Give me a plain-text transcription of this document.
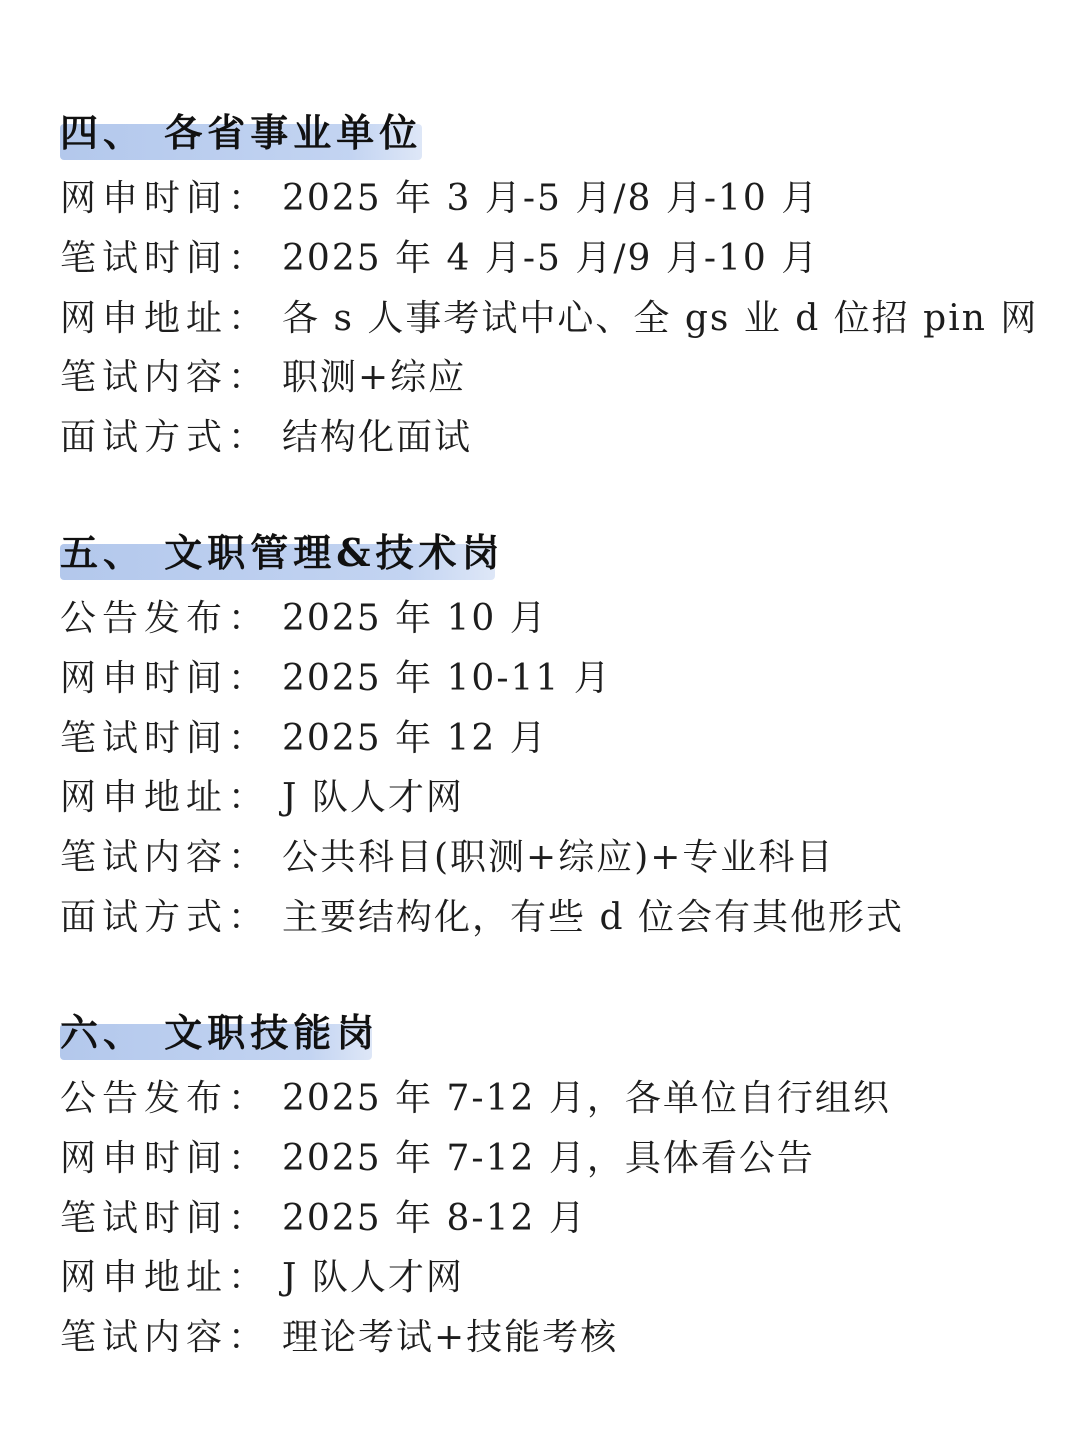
四、 各省事业单位
网申时间： 2025 年 3 月-5 月/8 月-10 月
笔试时间： 2025 年 4 月-5 月/9 月-10 月
网申地址： 各 s 人事考试中心、全 gs 业 d 位招 pin 网
笔试内容： 职测+综应
面试方式： 结构化面试
五、 文职管理&技术岗
公告发布： 2025 年 10 月
网申时间： 2025 年 10-11 月
笔试时间： 2025 年 12 月
网申地址： J 队人才网
笔试内容： 公共科目(职测+综应)+专业科目
面试方式： 主要结构化，有些 d 位会有其他形式
六、 文职技能岗
公告发布： 2025 年 7-12 月，各单位自行组织
网申时间： 2025 年 7-12 月，具体看公告
笔试时间： 2025 年 8-12 月
网申地址： J 队人才网
笔试内容： 理论考试+技能考核
